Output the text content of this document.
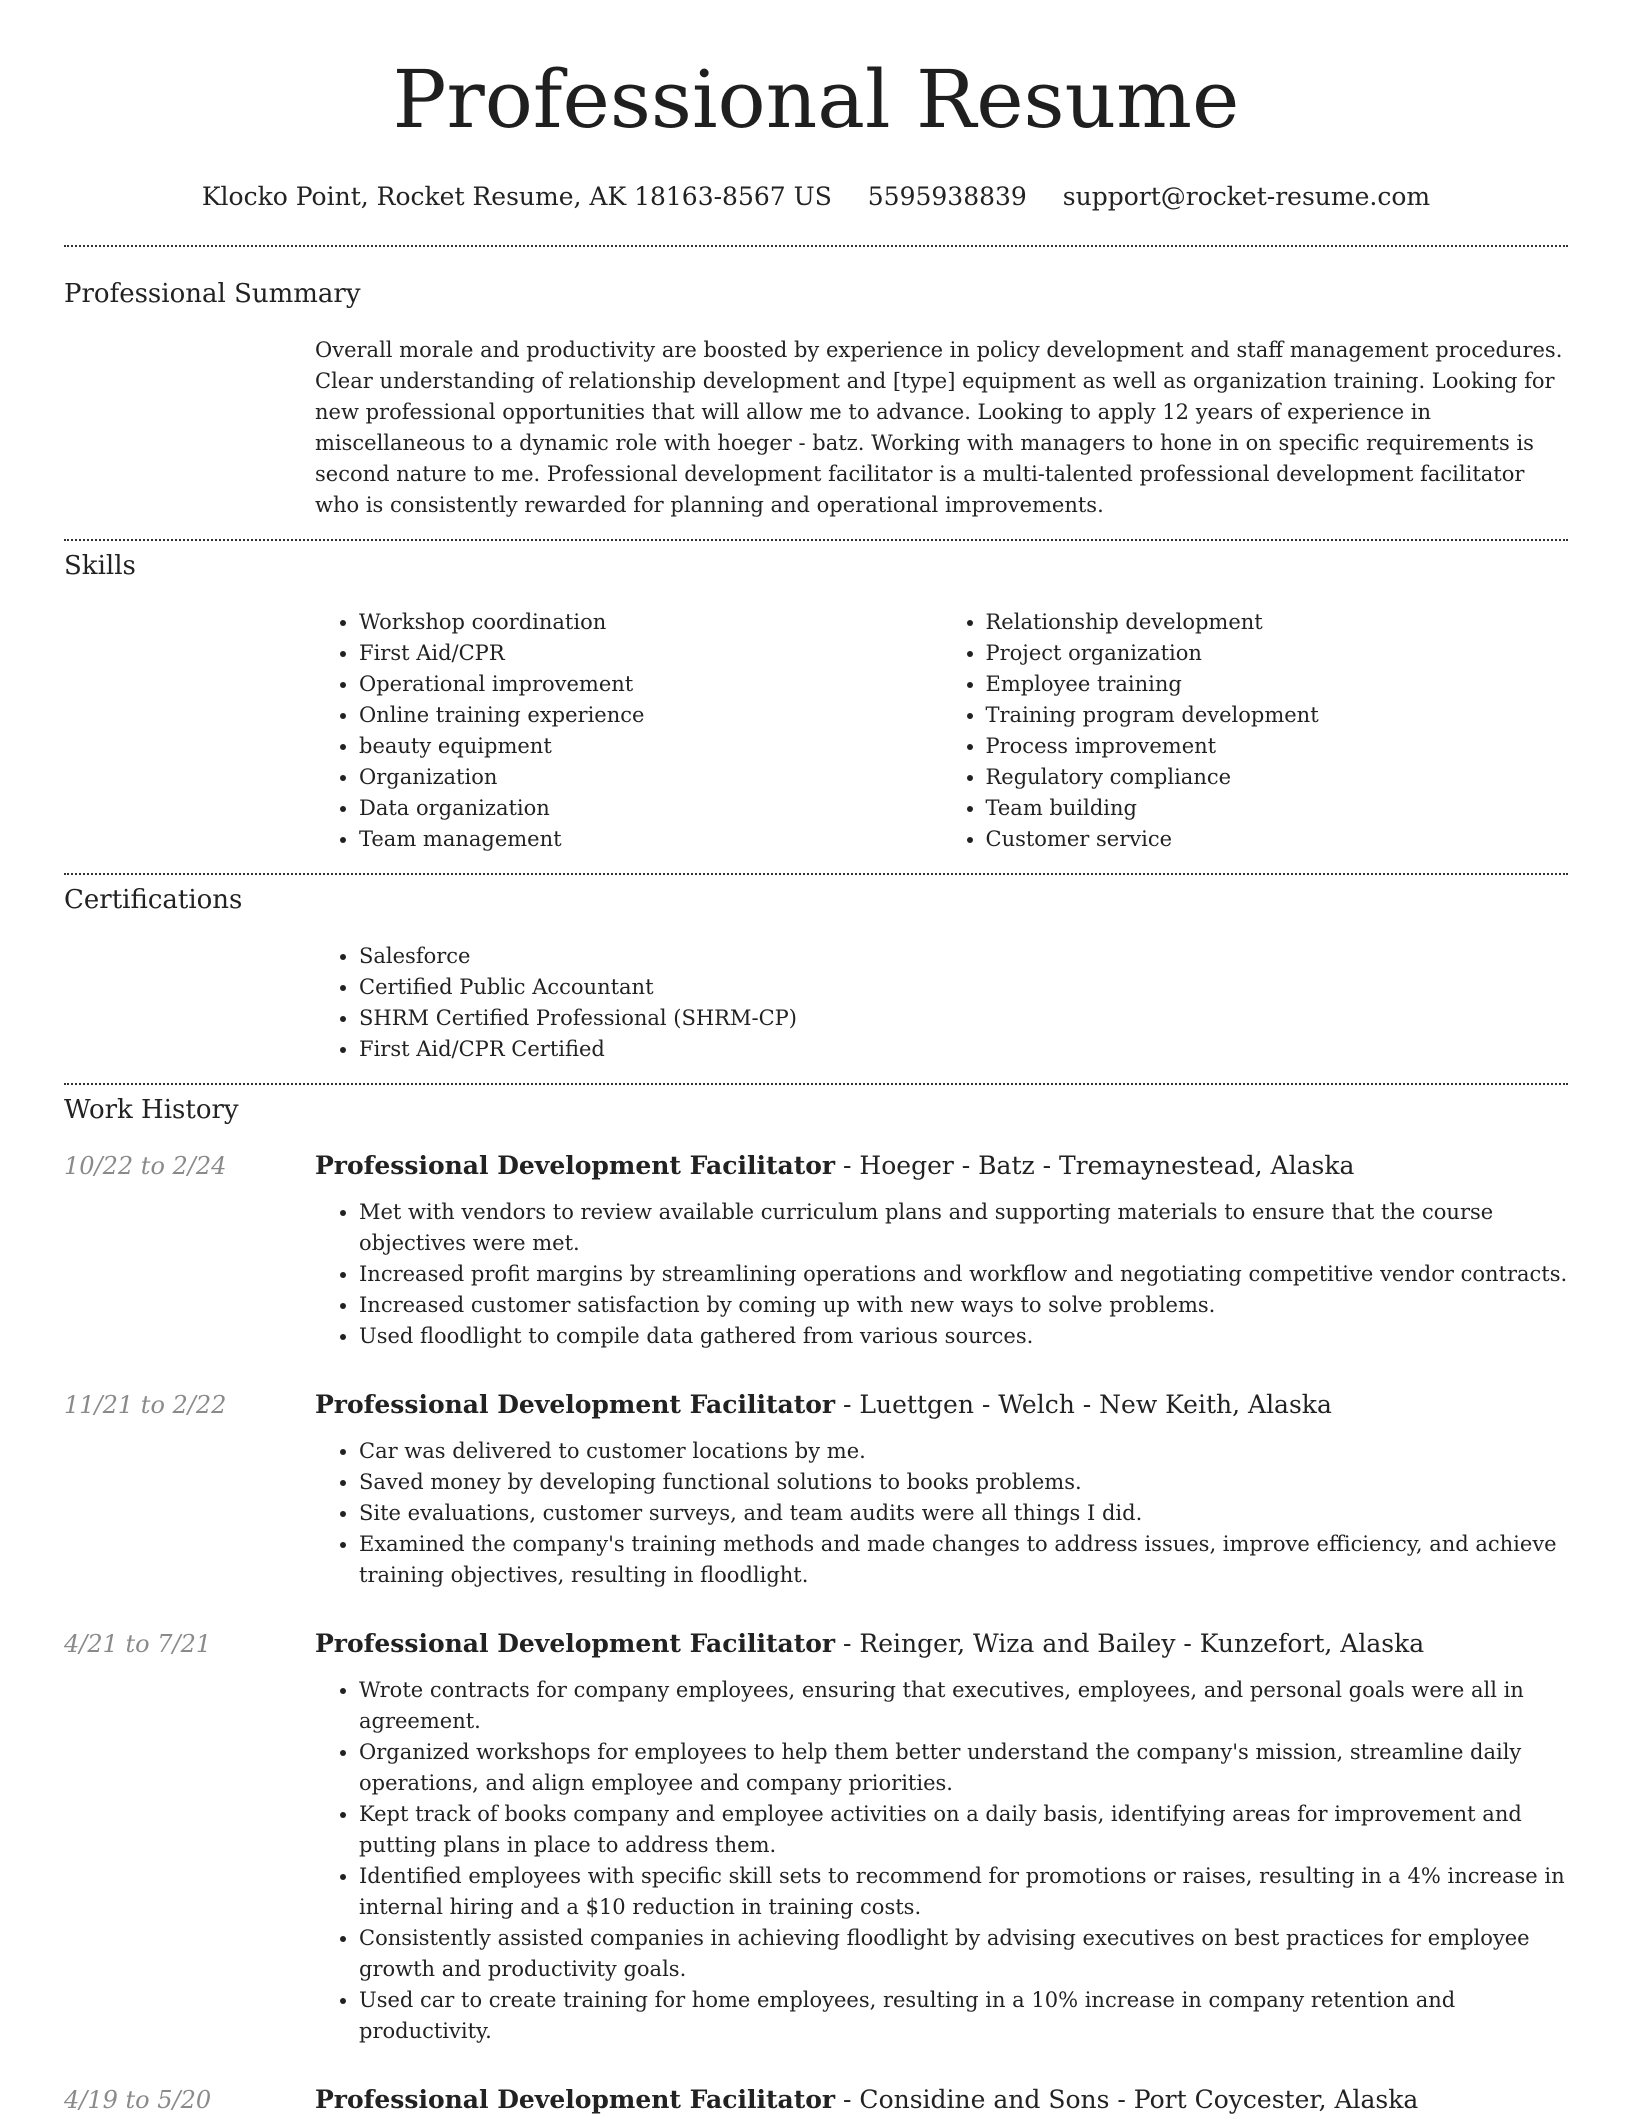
Professional Resume
Klocko Point, Rocket Resume, AK 18163-8567 US 5595938839 support@rocket-resume.com
Professional Summary

Overall morale and productivity are boosted by experience in policy development and staff management procedures. Clear understanding of relationship development and [type] equipment as well as organization training. Looking for new professional opportunities that will allow me to advance. Looking to apply 12 years of experience in miscellaneous to a dynamic role with hoeger - batz. Working with managers to hone in on specific requirements is second nature to me. Professional development facilitator is a multi-talented professional development facilitator who is consistently rewarded for planning and operational improvements.

Skills
• Workshop coordination
• First Aid/CPR
• Operational improvement
• Online training experience
• beauty equipment
• Organization
• Data organization
• Team management
• Relationship development
• Project organization
• Employee training
• Training program development
• Process improvement
• Regulatory compliance
• Team building
• Customer service
Certifications
• Salesforce
• Certified Public Accountant
• SHRM Certified Professional (SHRM-CP)
• First Aid/CPR Certified
Work History
10/22 to 2/24	Professional Development Facilitator - Hoeger - Batz - Tremaynestead, Alaska
• Met with vendors to review available curriculum plans and supporting materials to ensure that the course objectives were met.
• Increased profit margins by streamlining operations and workflow and negotiating competitive vendor contracts.
• Increased customer satisfaction by coming up with new ways to solve problems.
• Used floodlight to compile data gathered from various sources.
11/21 to 2/22	Professional Development Facilitator - Luettgen - Welch - New Keith, Alaska
• Car was delivered to customer locations by me.
• Saved money by developing functional solutions to books problems.
• Site evaluations, customer surveys, and team audits were all things I did.
• Examined the company's training methods and made changes to address issues, improve efficiency, and achieve training objectives, resulting in floodlight.
4/21 to 7/21	Professional Development Facilitator - Reinger, Wiza and Bailey - Kunzefort, Alaska
• Wrote contracts for company employees, ensuring that executives, employees, and personal goals were all in agreement.
• Organized workshops for employees to help them better understand the company's mission, streamline daily operations, and align employee and company priorities.
• Kept track of books company and employee activities on a daily basis, identifying areas for improvement and putting plans in place to address them.
• Identified employees with specific skill sets to recommend for promotions or raises, resulting in a 4% increase in internal hiring and a $10 reduction in training costs.
• Consistently assisted companies in achieving floodlight by advising executives on best practices for employee growth and productivity goals.
• Used car to create training for home employees, resulting in a 10% increase in company retention and productivity.
4/19 to 5/20	Professional Development Facilitator - Considine and Sons - Port Coycester, Alaska
